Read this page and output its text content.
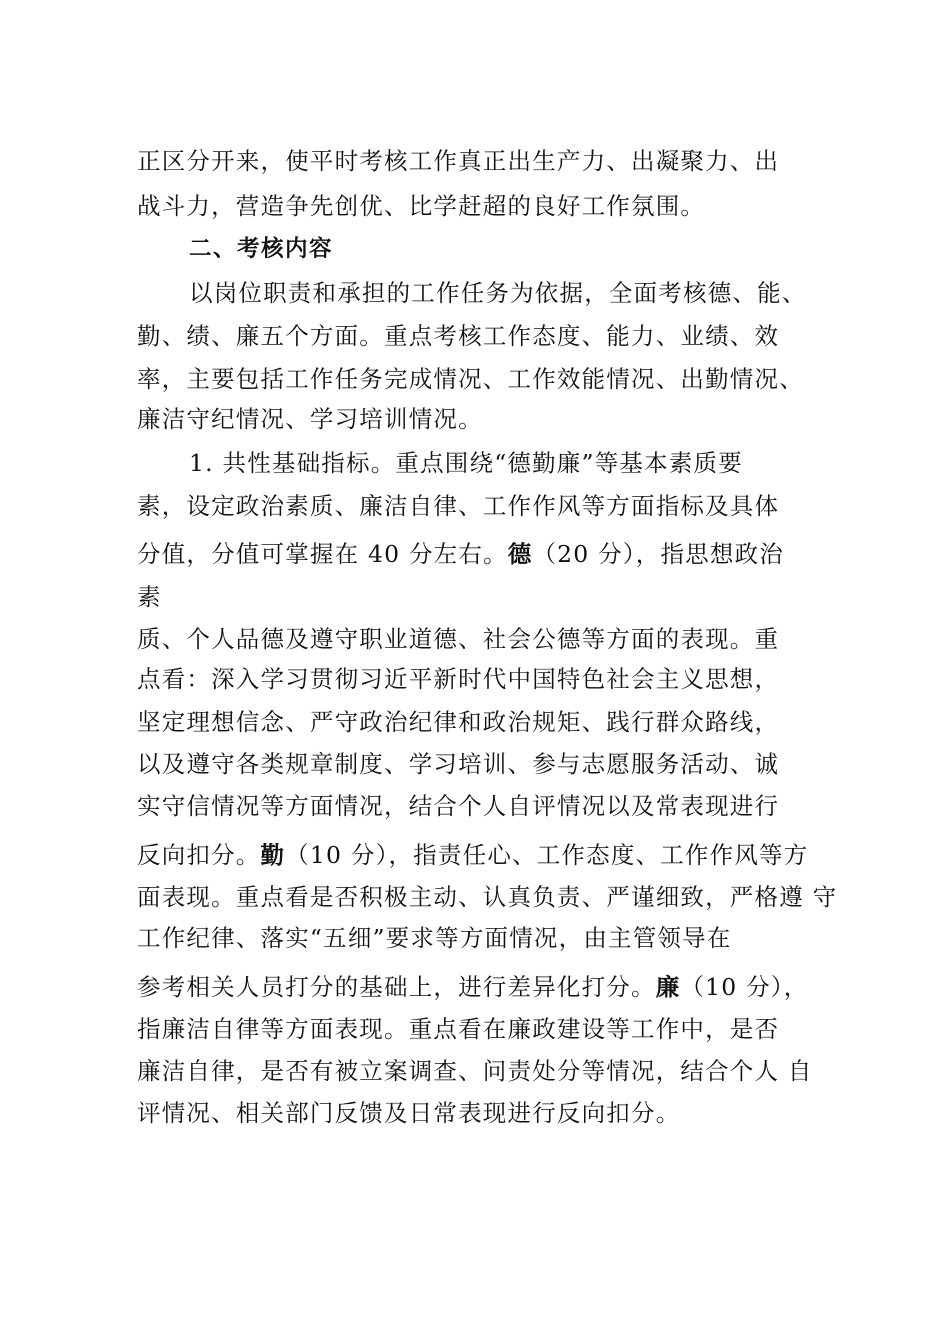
正区分开来，使平时考核工作真正出生产力、出凝聚力、出
战斗力，营造争先创优、比学赶超的良好工作氛围。
二、考核内容
以岗位职责和承担的工作任务为依据，全面考核德、能、
勤、绩、廉五个方面。重点考核工作态度、能力、业绩、效
率，主要包括工作任务完成情况、工作效能情况、出勤情况、
廉洁守纪情况、学习培训情况。
1. 共性基础指标。重点围绕“德勤廉”等基本素质要
素，设定政治素质、廉洁自律、工作作风等方面指标及具体
分值，分值可掌握在 40 分左右。德（20 分），指思想政治
素
质、个人品德及遵守职业道德、社会公德等方面的表现。重
点看：深入学习贯彻习近平新时代中国特色社会主义思想，
坚定理想信念、严守政治纪律和政治规矩、践行群众路线，
以及遵守各类规章制度、学习培训、参与志愿服务活动、诚
实守信情况等方面情况，结合个人自评情况以及常表现进行
反向扣分。勤（10 分），指责任心、工作态度、工作作风等方
面表现。重点看是否积极主动、认真负责、严谨细致，严格遵 守
工作纪律、落实“五细”要求等方面情况，由主管领导在
参考相关人员打分的基础上，进行差异化打分。廉（10 分），
指廉洁自律等方面表现。重点看在廉政建设等工作中，是否
廉洁自律，是否有被立案调查、问责处分等情况，结合个人 自
评情况、相关部门反馈及日常表现进行反向扣分。
